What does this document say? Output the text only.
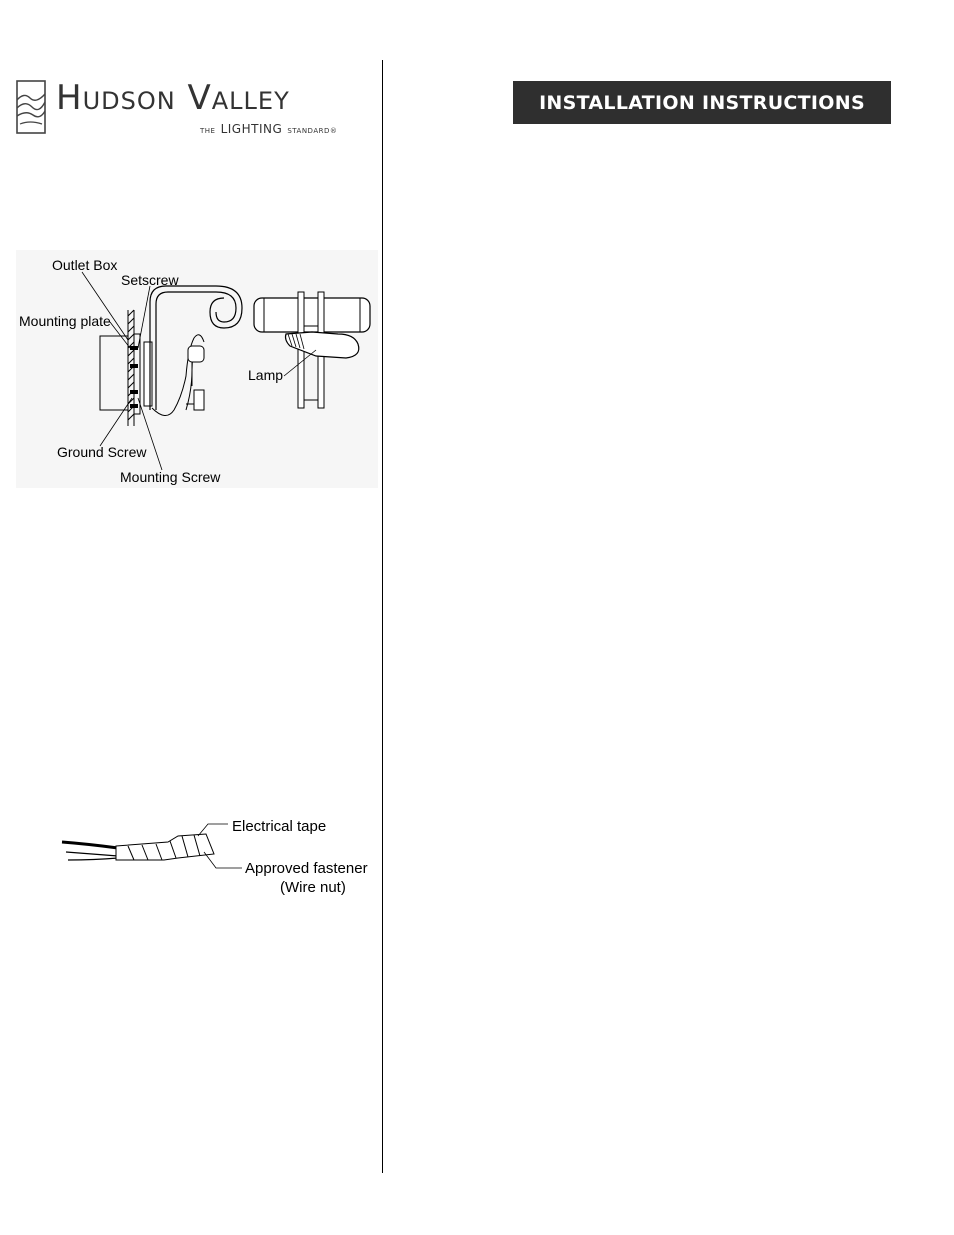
Hudson Valley
THE LIGHTING STANDARD®
INSTALLATION INSTRUCTIONS
Outlet Box
Setscrew
Mounting plate
Lamp
Ground Screw
Mounting Screw
Electrical tape
Approved fastener
(Wire nut)
